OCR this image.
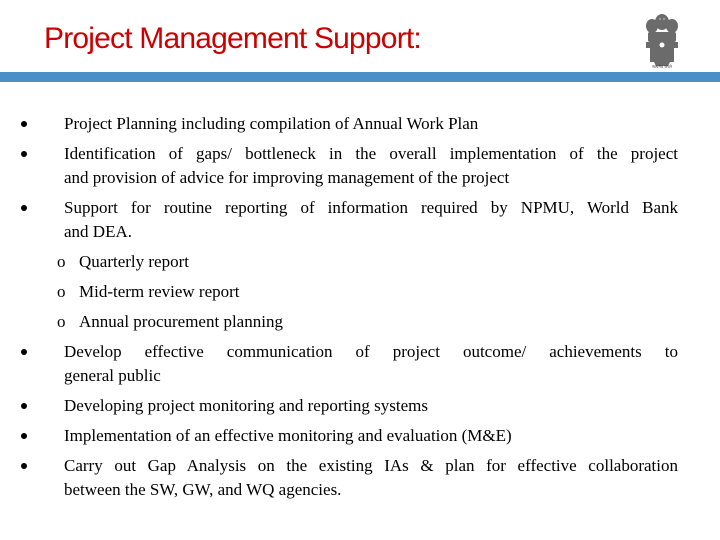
Project Management Support:
सत्यमेव जयते
Project Planning including compilation of Annual Work Plan
Identification of gaps/ bottleneck in the overall implementation of the project
and provision of advice for improving management of the project
Support for routine reporting of information required by NPMU, World Bank
and DEA.
o Quarterly report
o Mid-term review report
o Annual procurement planning
Develop effective communication of project outcome/ achievements to
general public
Developing project monitoring and reporting systems
Implementation of an effective monitoring and evaluation (M&E)
Carry out Gap Analysis on the existing IAs & plan for effective collaboration
between the SW, GW, and WQ agencies.
